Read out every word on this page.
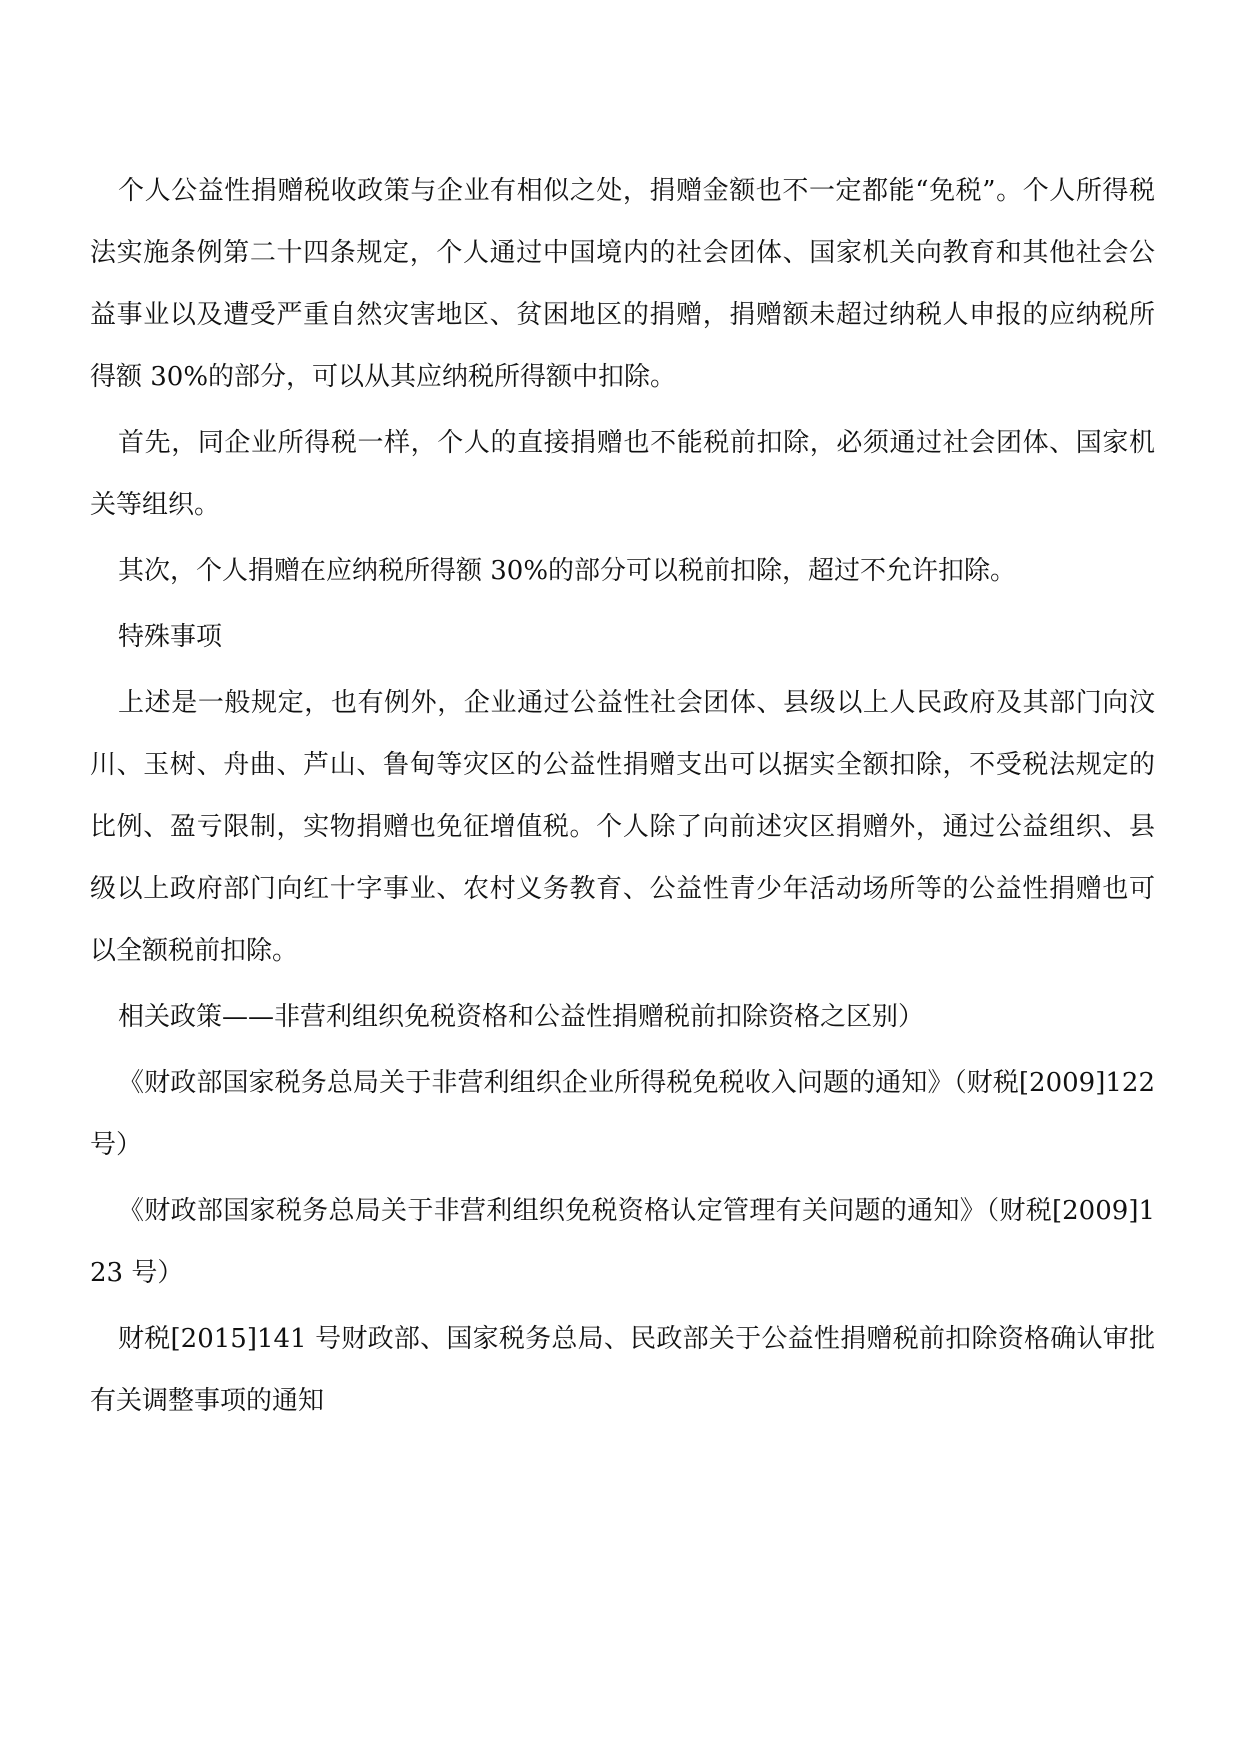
个人公益性捐赠税收政策与企业有相似之处，捐赠金额也不一定都能“免税”。个人所得税法实施条例第二十四条规定，个人通过中国境内的社会团体、国家机关向教育和其他社会公益事业以及遭受严重自然灾害地区、贫困地区的捐赠，捐赠额未超过纳税人申报的应纳税所得额 30%的部分，可以从其应纳税所得额中扣除。

首先，同企业所得税一样，个人的直接捐赠也不能税前扣除，必须通过社会团体、国家机关等组织。

其次，个人捐赠在应纳税所得额 30%的部分可以税前扣除，超过不允许扣除。

特殊事项

上述是一般规定，也有例外，企业通过公益性社会团体、县级以上人民政府及其部门向汶川、玉树、舟曲、芦山、鲁甸等灾区的公益性捐赠支出可以据实全额扣除，不受税法规定的比例、盈亏限制，实物捐赠也免征增值税。个人除了向前述灾区捐赠外，通过公益组织、县级以上政府部门向红十字事业、农村义务教育、公益性青少年活动场所等的公益性捐赠也可以全额税前扣除。

相关政策——非营利组织免税资格和公益性捐赠税前扣除资格之区别）

《财政部国家税务总局关于非营利组织企业所得税免税收入问题的通知》（财税[2009]122 号）

《财政部国家税务总局关于非营利组织免税资格认定管理有关问题的通知》（财税[2009]123 号）

财税[2015]141 号财政部、国家税务总局、民政部关于公益性捐赠税前扣除资格确认审批有关调整事项的通知
